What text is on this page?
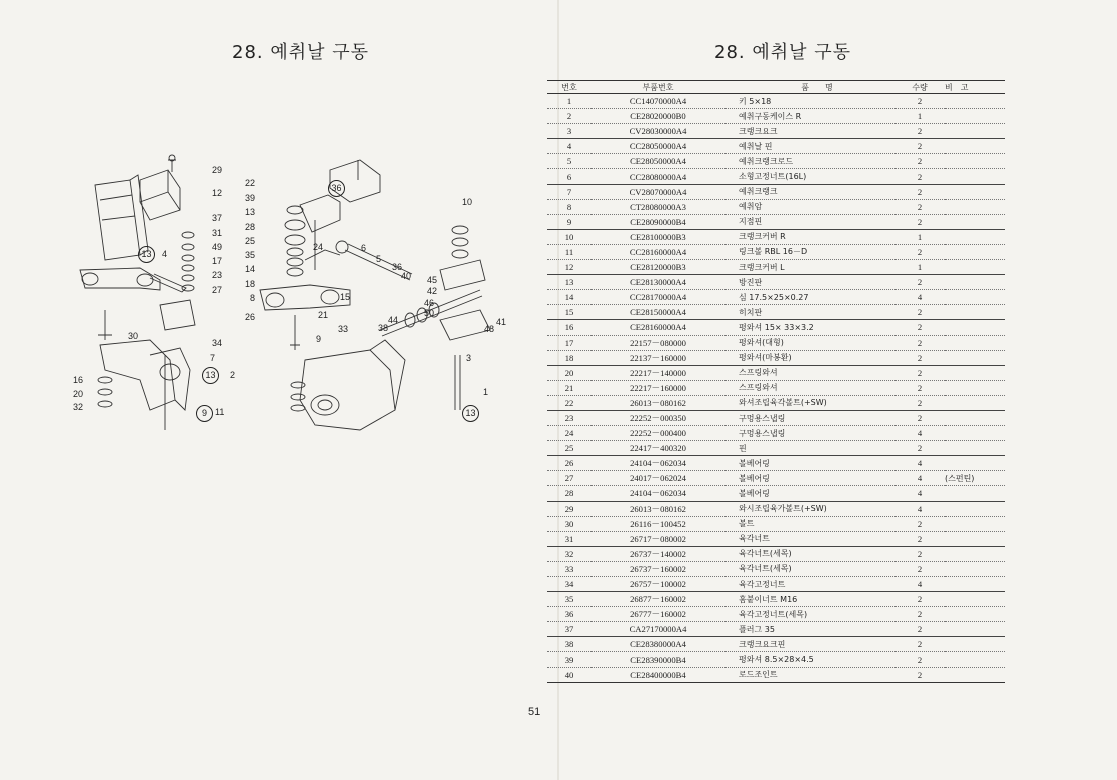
28. 예취날 구동
29
12
37
31
49
17
23
27
4
30
34
7
2
16
20
32	11
22
39
13
28
25
35
14
18
8
26
24	6
5
36
40 45
42
46
50
38
44	41
48
9
33
21
10
3
1
15
13
36
9
13
13
51
28. 예취날 구동
번호	부품번호	품　　명	수량	비　고
1	CC14070000A4	키 5×18	2	
2	CE28020000B0	예취구동케이스 R	1	
3	CV28030000A4	크랭크요크	2	
4	CC28050000A4	예취날 핀	2	
5	CE28050000A4	예취크랭크로드	2	
6	CC28080000A4	소형고정너트(16L)	2	
7	CV28070000A4	예취크랭크	2	
8	CT28080000A3	예취암	2	
9	CE28090000B4	지점핀	2	
10	CE28100000B3	크랭크커버 R	1	
11	CC28160000A4	링크볼 RBL 16－D	2	
12	CE28120000B3	크랭크커버 L	1	
13	CE28130000A4	방진판	2	
14	CC28170000A4	심 17.5×25×0.27	4	
15	CE28150000A4	히치판	2	
16	CE28160000A4	평와셔 15× 33×3.2	2	
17	22157－080000	평와셔(대형)	2	
18	22137－160000	평와셔(마봉환)	2	
20	22217－140000	스프링와셔	2	
21	22217－160000	스프링와셔	2	
22	26013－080162	와셔조립육각볼트(+SW)	2	
23	22252－000350	구멍용스냅링	2	
24	22252－000400	구멍용스냅링	4	
25	22417－400320	핀	2	
26	24104－062034	볼베어링	4	
27	24017－062024	볼베어링	4	(스펀틴)
28	24104－062034	볼베어링	4	
29	26013－080162	와시조립육가볼트(+SW)	4	
30	26116－100452	볼트	2	
31	26717－080002	육각너트	2	
32	26737－140002	육각너트(세목)	2	
33	26737－160002	육각너트(세목)	2	
34	26757－100002	육각고정너트	4	
35	26877－160002	홈붙이너트 M16	2	
36	26777－160002	육각고정너트(세목)	2	
37	CA27170000A4	플러그 35	2	
38	CE28380000A4	크랭크요크핀	2	
39	CE28390000B4	평와셔 8.5×28×4.5	2	
40	CE28400000B4	로드조인트	2	
